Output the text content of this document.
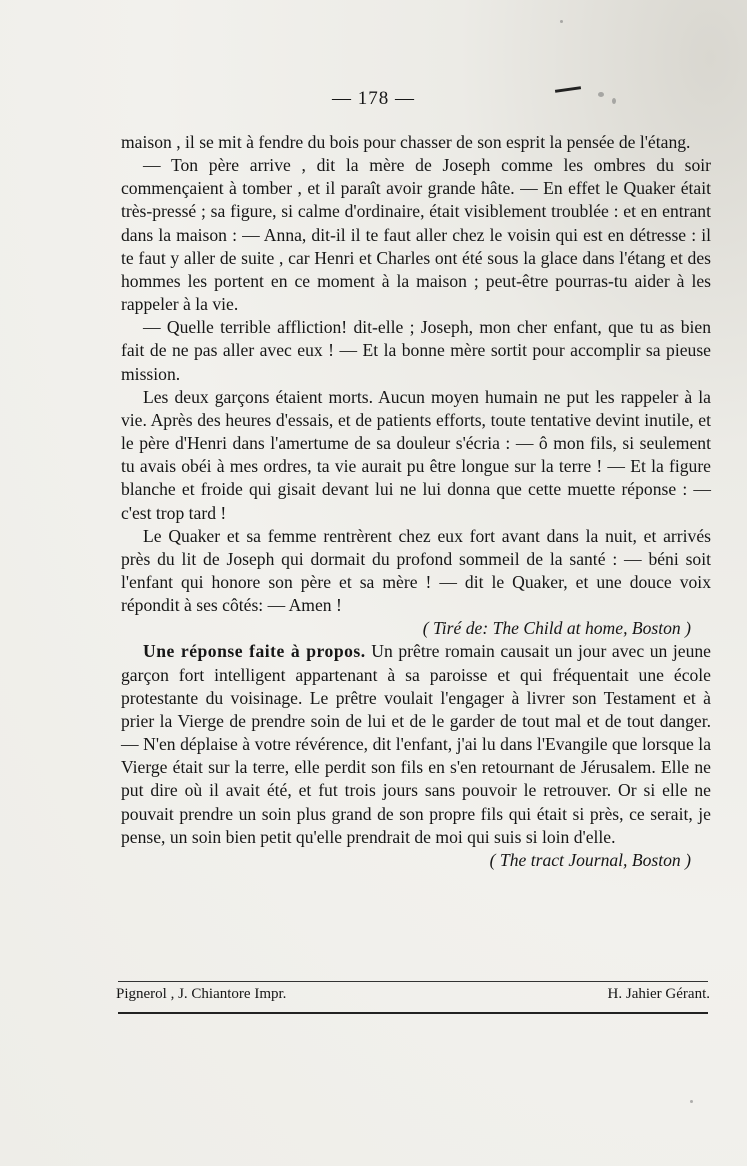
— 178 —

maison , il se mit à fendre du bois pour chasser de son esprit la pensée de l'étang.

— Ton père arrive , dit la mère de Joseph comme les ombres du soir commençaient à tomber , et il paraît avoir grande hâte. — En effet le Quaker était très-pressé ; sa figure, si calme d'ordinaire, était visiblement troublée : et en entrant dans la maison : — Anna, dit-il il te faut aller chez le voisin qui est en détresse : il te faut y aller de suite , car Henri et Charles ont été sous la glace dans l'étang et des hommes les portent en ce moment à la maison ; peut-être pourras-tu aider à les rappeler à la vie.

— Quelle terrible affliction! dit-elle ; Joseph, mon cher enfant, que tu as bien fait de ne pas aller avec eux ! — Et la bonne mère sortit pour accomplir sa pieuse mission.

Les deux garçons étaient morts. Aucun moyen humain ne put les rappeler à la vie. Après des heures d'essais, et de patients efforts, toute tentative devint inutile, et le père d'Henri dans l'amertume de sa douleur s'écria : — ô mon fils, si seulement tu avais obéi à mes ordres, ta vie aurait pu être longue sur la terre ! — Et la figure blanche et froide qui gisait devant lui ne lui donna que cette muette réponse : — c'est trop tard !

Le Quaker et sa femme rentrèrent chez eux fort avant dans la nuit, et arrivés près du lit de Joseph qui dormait du profond sommeil de la santé : — béni soit l'enfant qui honore son père et sa mère ! — dit le Quaker, et une douce voix répondit à ses côtés: — Amen !

( Tiré de: The Child at home, Boston )

Une réponse faite à propos. Un prêtre romain causait un jour avec un jeune garçon fort intelligent appartenant à sa paroisse et qui fréquentait une école protestante du voisinage. Le prêtre voulait l'engager à livrer son Testament et à prier la Vierge de prendre soin de lui et de le garder de tout mal et de tout danger. — N'en déplaise à votre révérence, dit l'enfant, j'ai lu dans l'Evangile que lorsque la Vierge était sur la terre, elle perdit son fils en s'en retournant de Jérusalem. Elle ne put dire où il avait été, et fut trois jours sans pouvoir le retrouver. Or si elle ne pouvait prendre un soin plus grand de son propre fils qui était si près, ce serait, je pense, un soin bien petit qu'elle prendrait de moi qui suis si loin d'elle.

( The tract Journal, Boston )

Pignerol , J. Chiantore Impr.	H. Jahier Gérant.
